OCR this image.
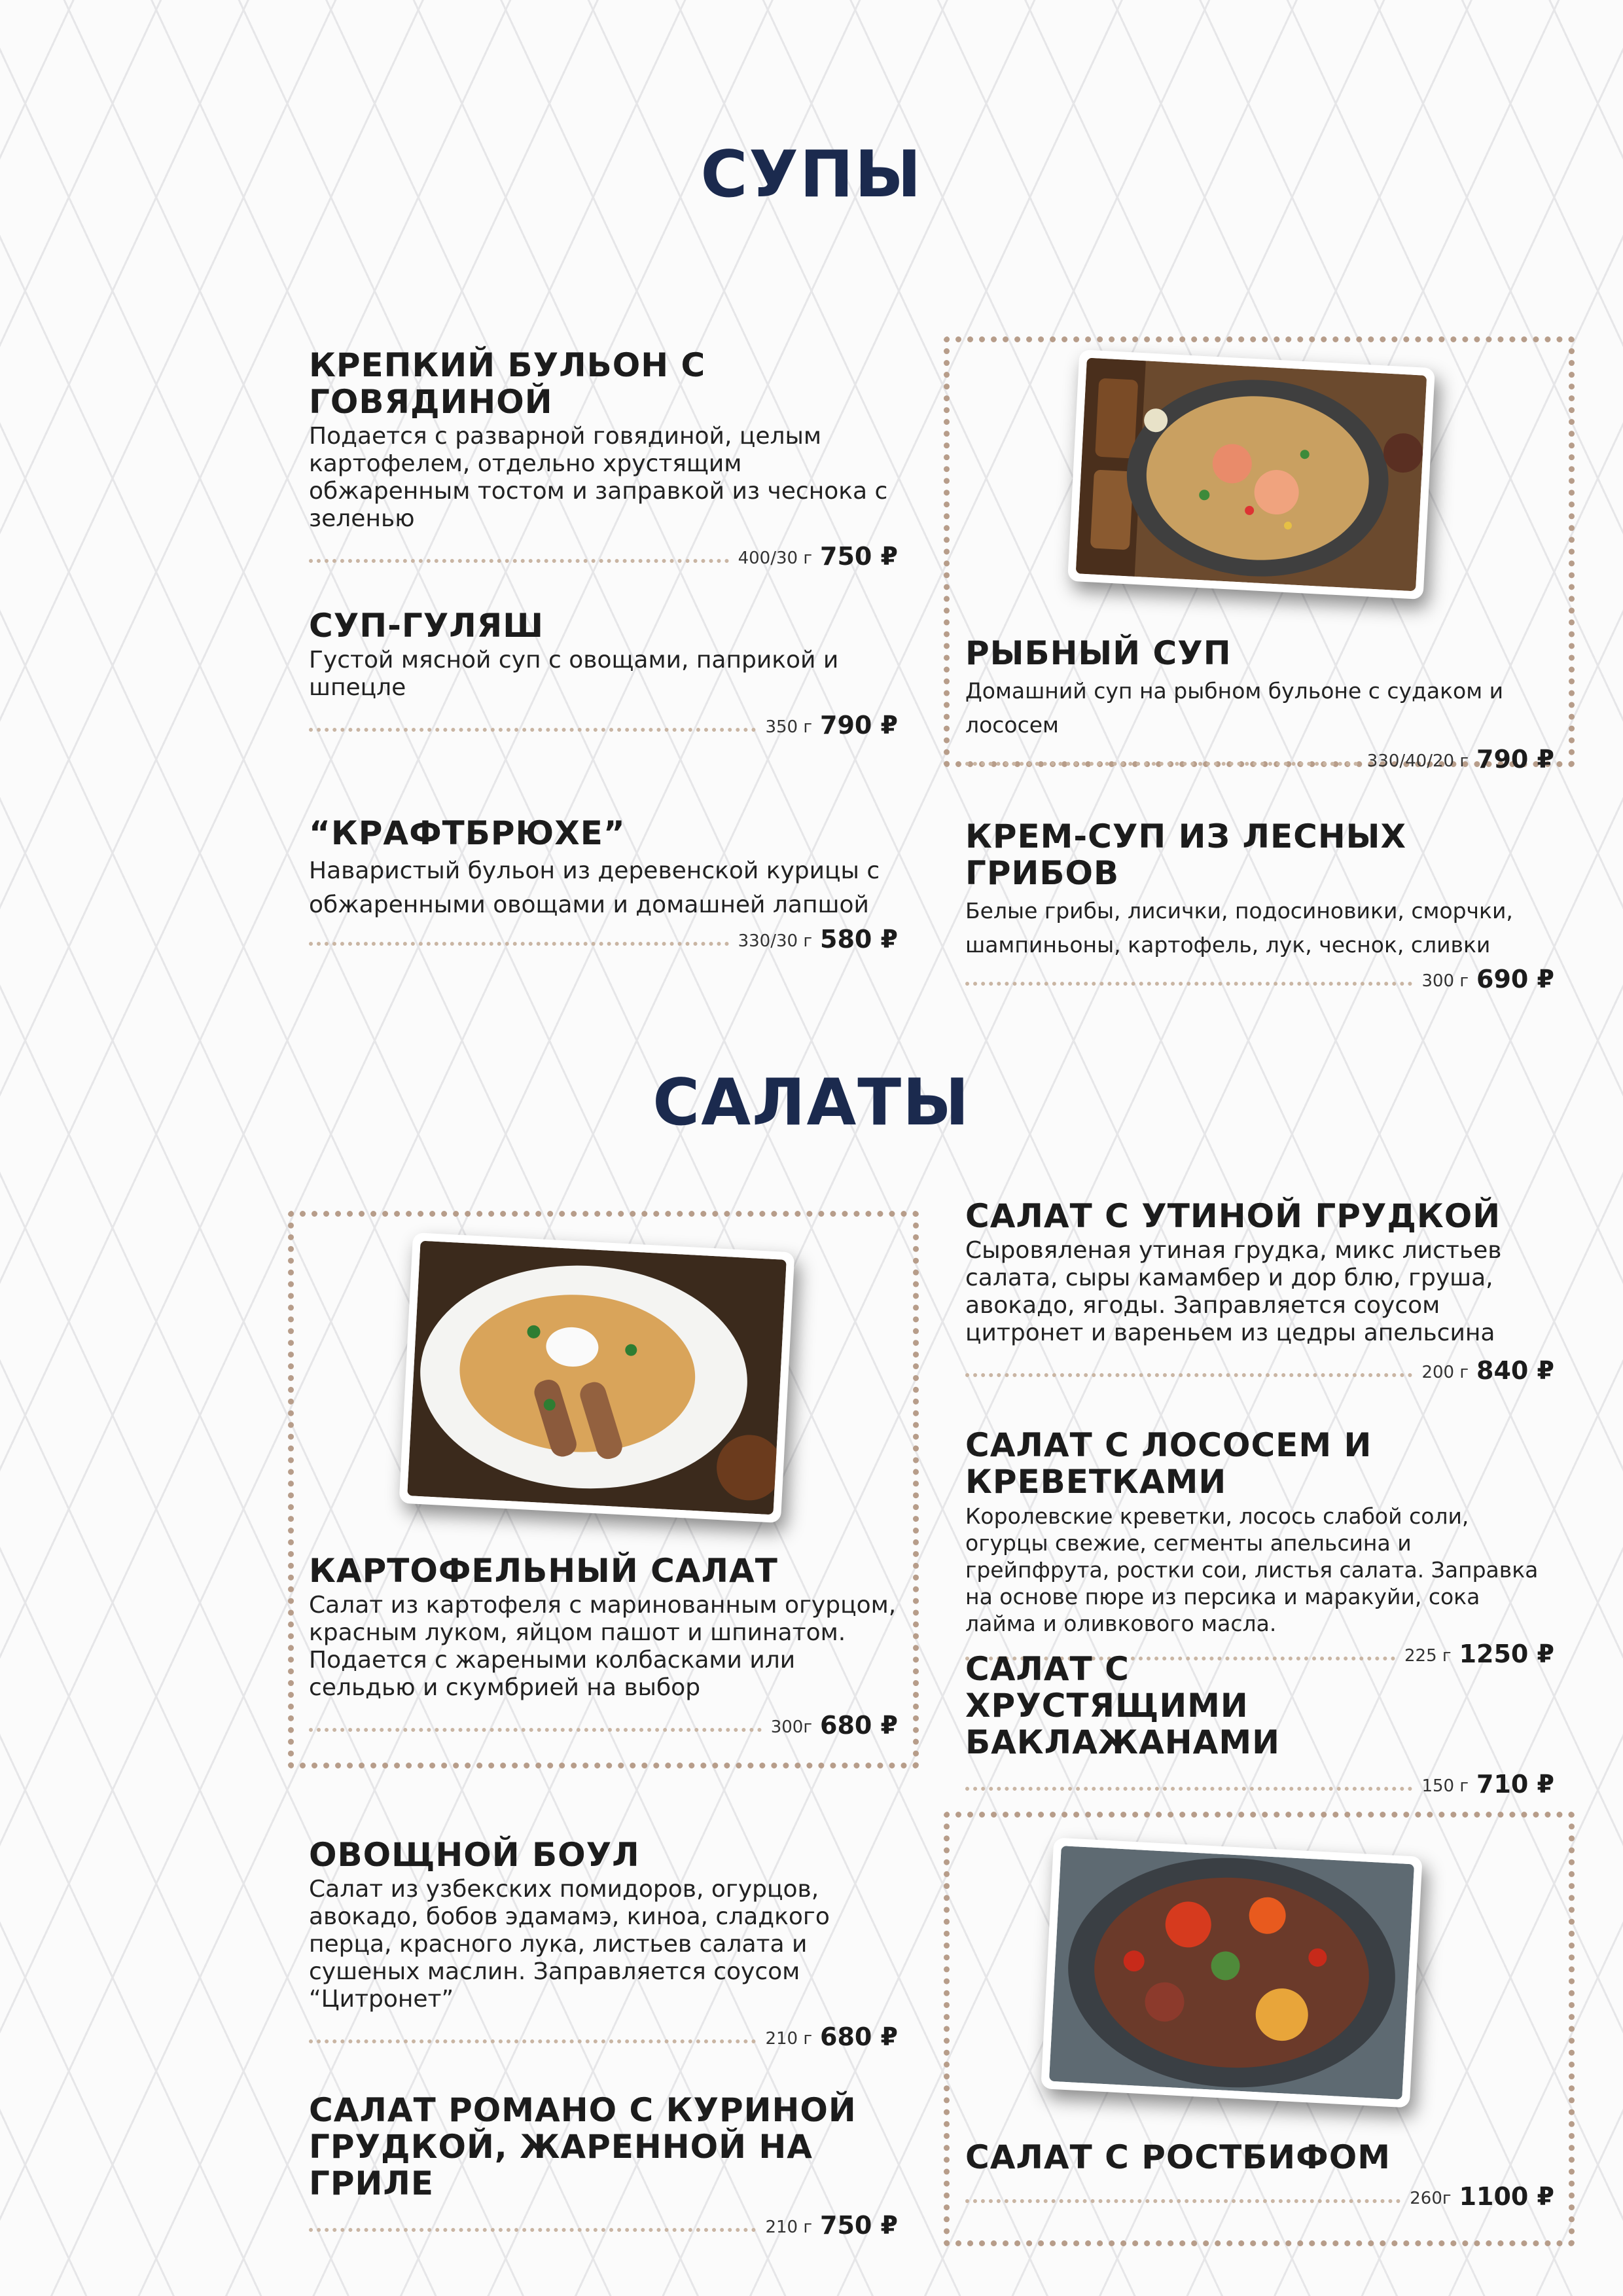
СУПЫ

КРЕПКИЙ БУЛЬОН С ГОВЯДИНОЙ

Подается с разварной говядиной, целым картофелем, отдельно хрустящим обжаренным тостом и заправкой из чеснока с зеленью

400/30 г 750 ₽

РЫБНЫЙ СУП

Домашний суп на рыбном бульоне с судаком и лососем

330/40/20 г 790 ₽

СУП-ГУЛЯШ

Густой мясной суп с овощами, паприкой и шпецле

350 г 790 ₽

“КРАФТБРЮХЕ”

Наваристый бульон из деревенской курицы с обжаренными овощами и домашней лапшой

330/30 г 580 ₽

КРЕМ-СУП ИЗ ЛЕСНЫХ ГРИБОВ

Белые грибы, лисички, подосиновики, сморчки, шампиньоны, картофель, лук, чеснок, сливки

300 г 690 ₽
САЛАТЫ

САЛАТ С УТИНОЙ ГРУДКОЙ

Сыровяленая утиная грудка, микс листьев салата, сыры камамбер и дор блю, груша, авокадо, ягоды. Заправляется соусом цитронет и вареньем из цедры апельсина

200 г 840 ₽

САЛАТ С ЛОСОСЕМ И КРЕВЕТКАМИ

Королевские креветки, лосось слабой соли, огурцы свежие, сегменты апельсина и грейпфрута, ростки сои, листья салата. Заправка на основе пюре из персика и маракуйи, сока лайма и оливкового масла.

225 г 1250 ₽

КАРТОФЕЛЬНЫЙ САЛАТ

Салат из картофеля с маринованным огурцом, красным луком, яйцом пашот и шпинатом. Подается с жареными колбасками или сельдью и скумбрией на выбор

300г 680 ₽

САЛАТ С ХРУСТЯЩИМИ БАКЛАЖАНАМИ

150 г 710 ₽

ОВОЩНОЙ БОУЛ

Салат из узбекских помидоров, огурцов, авокадо, бобов эдамамэ, киноа, сладкого перца, красного лука, листьев салата и сушеных маслин. Заправляется соусом “Цитронет”

210 г 680 ₽

САЛАТ С РОСТБИФОМ

260г 1100 ₽

САЛАТ РОМАНО С КУРИНОЙ ГРУДКОЙ, ЖАРЕННОЙ НА ГРИЛЕ

210 г 750 ₽
